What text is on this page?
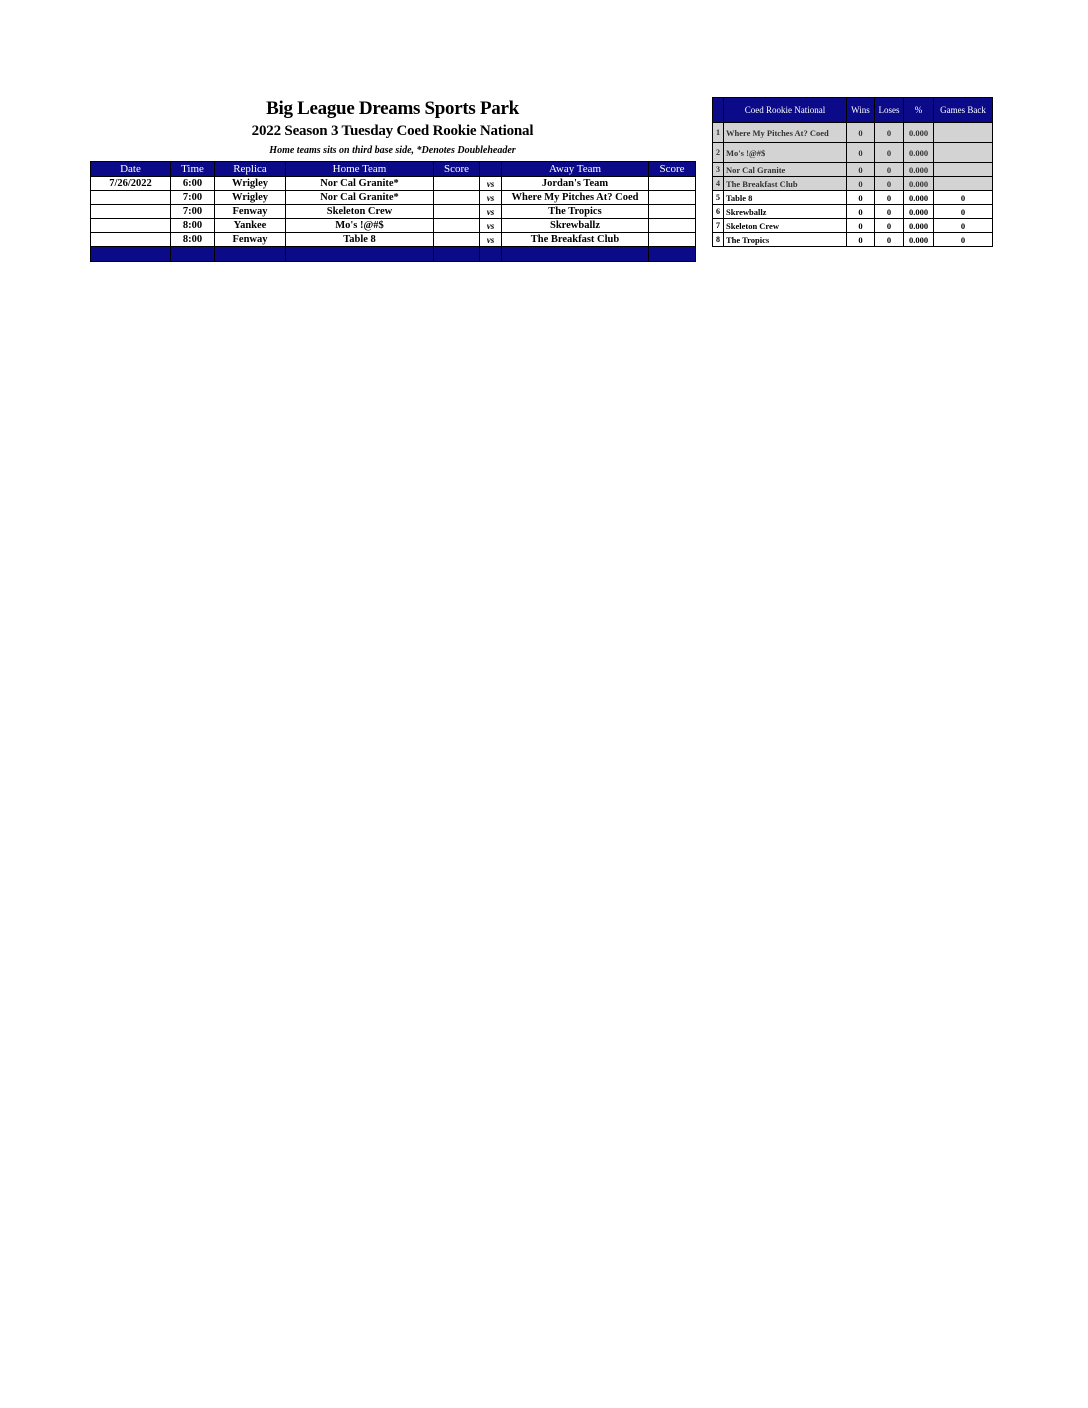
Big League Dreams Sports Park
2022 Season 3 Tuesday Coed Rookie National
Home teams sits on third base side, *Denotes Doubleheader
Date	Time	Replica	Home Team	Score		Away Team	Score
7/26/2022	6:00	Wrigley	Nor Cal Granite*		vs	Jordan's Team	
	7:00	Wrigley	Nor Cal Granite*		vs	Where My Pitches At? Coed	
	7:00	Fenway	Skeleton Crew		vs	The Tropics	
	8:00	Yankee	Mo's !@#$		vs	Skrewballz	
	8:00	Fenway	Table 8		vs	The Breakfast Club	

	Coed Rookie National	Wins	Loses	%	Games Back
1	Where My Pitches At? Coed	0	0	0.000	
2	Mo's !@#$	0	0	0.000	
3	Nor Cal Granite	0	0	0.000	
4	The Breakfast Club	0	0	0.000	
5	Table 8	0	0	0.000	0
6	Skrewballz	0	0	0.000	0
7	Skeleton Crew	0	0	0.000	0
8	The Tropics	0	0	0.000	0
